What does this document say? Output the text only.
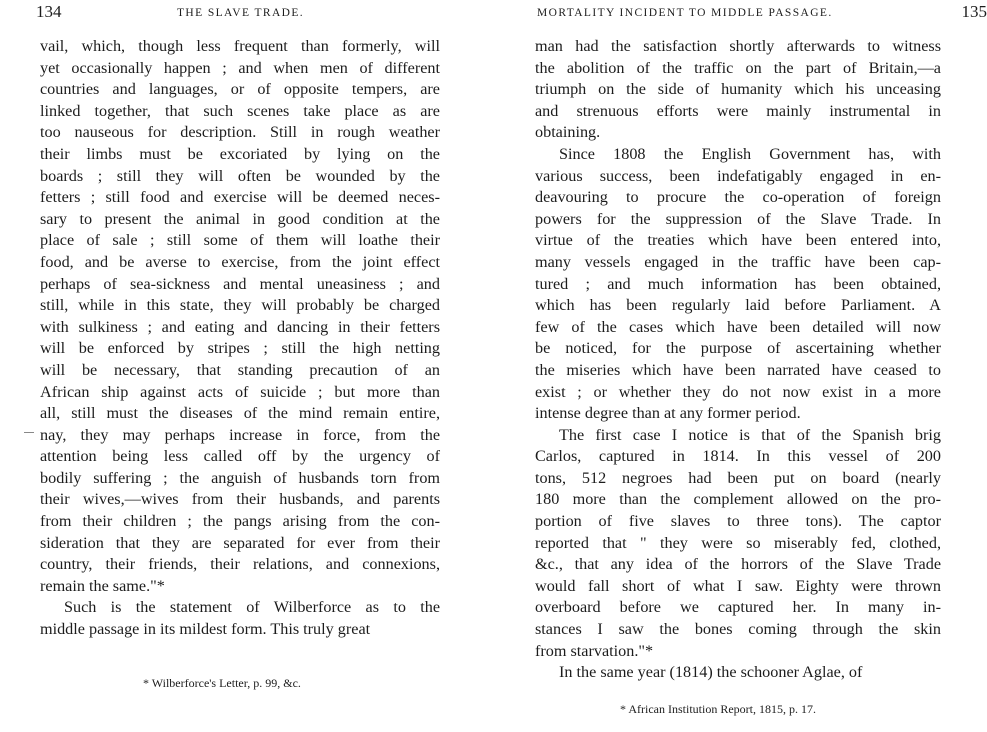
134	THE SLAVE TRADE.
vail, which, though less frequent than formerly, will
yet occasionally happen ; and when men of different
countries and languages, or of opposite tempers, are
linked together, that such scenes take place as are
too nauseous for description. Still in rough weather
their limbs must be excoriated by lying on the
boards ; still they will often be wounded by the
fetters ; still food and exercise will be deemed neces-
sary to present the animal in good condition at the
place of sale ; still some of them will loathe their
food, and be averse to exercise, from the joint effect
perhaps of sea-sickness and mental uneasiness ; and
still, while in this state, they will probably be charged
with sulkiness ; and eating and dancing in their fetters
will be enforced by stripes ; still the high netting
will be necessary, that standing precaution of an
African ship against acts of suicide ; but more than
all, still must the diseases of the mind remain entire,
nay, they may perhaps increase in force, from the
attention being less called off by the urgency of
bodily suffering ; the anguish of husbands torn from
their wives,—wives from their husbands, and parents
from their children ; the pangs arising from the con-
sideration that they are separated for ever from their
country, their friends, their relations, and connexions,
remain the same."*
Such is the statement of Wilberforce as to the
middle passage in its mildest form. This truly great
* Wilberforce's Letter, p. 99, &c.
MORTALITY INCIDENT TO MIDDLE PASSAGE.	135
man had the satisfaction shortly afterwards to witness
the abolition of the traffic on the part of Britain,—a
triumph on the side of humanity which his unceasing
and strenuous efforts were mainly instrumental in
obtaining.
Since 1808 the English Government has, with
various success, been indefatigably engaged in en-
deavouring to procure the co-operation of foreign
powers for the suppression of the Slave Trade. In
virtue of the treaties which have been entered into,
many vessels engaged in the traffic have been cap-
tured ; and much information has been obtained,
which has been regularly laid before Parliament. A
few of the cases which have been detailed will now
be noticed, for the purpose of ascertaining whether
the miseries which have been narrated have ceased to
exist ; or whether they do not now exist in a more
intense degree than at any former period.
The first case I notice is that of the Spanish brig
Carlos, captured in 1814. In this vessel of 200
tons, 512 negroes had been put on board (nearly
180 more than the complement allowed on the pro-
portion of five slaves to three tons). The captor
reported that " they were so miserably fed, clothed,
&c., that any idea of the horrors of the Slave Trade
would fall short of what I saw. Eighty were thrown
overboard before we captured her. In many in-
stances I saw the bones coming through the skin
from starvation."*
In the same year (1814) the schooner Aglae, of
* African Institution Report, 1815, p. 17.
